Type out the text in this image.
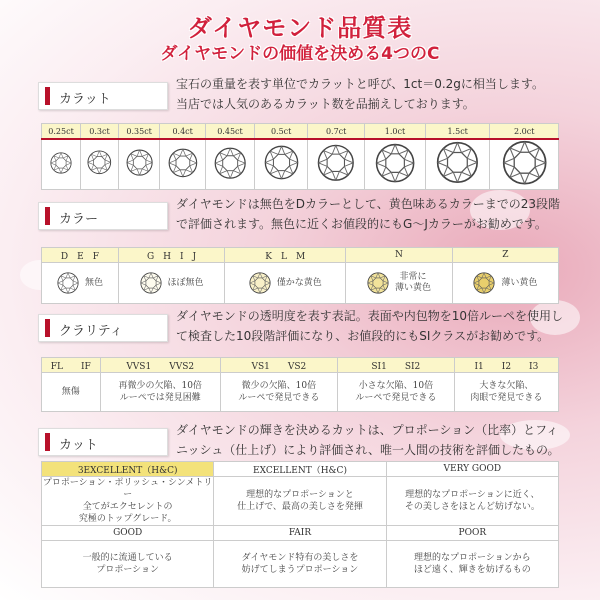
ダイヤモンド品質表
ダイヤモンドの価値を決める4つのC
カラット
宝石の重量を表す単位でカラットと呼び、1ct＝0.2gに相当します。
当店では人気のあるカラット数を品揃えしております。
0.25ct	0.3ct	0.35ct	0.4ct	0.45ct	0.5ct	0.7ct	1.0ct	1.5ct	2.0ct

カラー
ダイヤモンドは無色をDカラーとして、黄色味あるカラーまでの23段階
で評価されます。無色に近くお値段的にもG～Jカラーがお勧めです。
D　E　F	G　H　I　J	K　L　M	N	Z

無色	ほぼ無色	僅かな黄色	非常に
薄い黄色	薄い黄色
クラリティ
ダイヤモンドの透明度を表す表記。表面や内包物を10倍ルーペを使用し
て検査した10段階評価になり、お値段的にもSIクラスがお勧めです。
FL　　IF	VVS1　　VVS2	VS1　　VS2	SI1　　SI2	I1　　I2　　I3
無傷	再微少の欠陥、10倍
ルーペでは発見困難	微少の欠陥、10倍
ルーペで発見できる	小さな欠陥、10倍
ルーペで発見できる	大きな欠陥、
肉眼で発見できる
カット
ダイヤモンドの輝きを決めるカットは、プロポーション（比率）とフィ
ニッシュ（仕上げ）により評価され、唯一人間の技術を評価したもの。
3EXCELLENT（H&C)	EXCELLENT（H&C)	VERY GOOD
プロポーション・ポリッシュ・シンメトリー
全てがエクセレントの
究極のトップグレード。	理想的なプロポーションと
仕上げで、最高の美しさを発揮	理想的なプロポーションに近く、
その美しさをほとんど妨げない。
GOOD	FAIR	POOR
一般的に流通している
プロポーション	ダイヤモンド特有の美しさを
妨げてしまうプロポーション	理想的なプロポーションから
ほど遠く、輝きを妨げるもの
